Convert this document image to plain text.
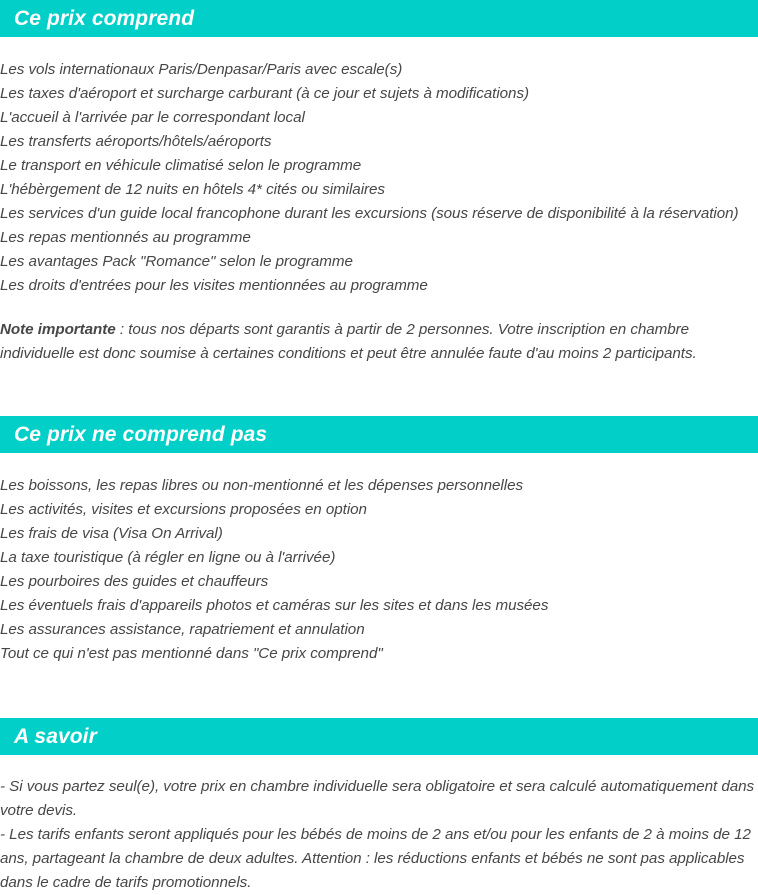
Ce prix comprend
Les vols internationaux Paris/Denpasar/Paris avec escale(s)
Les taxes d'aéroport et surcharge carburant (à ce jour et sujets à modifications)
L'accueil à l'arrivée par le correspondant local
Les transferts aéroports/hôtels/aéroports
Le transport en véhicule climatisé selon le programme
L'hébèrgement de 12 nuits en hôtels 4* cités ou similaires
Les services d'un guide local francophone durant les excursions (sous réserve de disponibilité à la réservation)
Les repas mentionnés au programme
Les avantages Pack "Romance" selon le programme
Les droits d'entrées pour les visites mentionnées au programme

Note importante : tous nos départs sont garantis à partir de 2 personnes. Votre inscription en chambre individuelle est donc soumise à certaines conditions et peut être annulée faute d'au moins 2 participants.

Ce prix ne comprend pas
Les boissons, les repas libres ou non-mentionné et les dépenses personnelles
Les activités, visites et excursions proposées en option
Les frais de visa (Visa On Arrival)
La taxe touristique (à régler en ligne ou à l'arrivée)
Les pourboires des guides et chauffeurs
Les éventuels frais d'appareils photos et caméras sur les sites et dans les musées
Les assurances assistance, rapatriement et annulation
Tout ce qui n'est pas mentionné dans "Ce prix comprend"
A savoir

- Si vous partez seul(e), votre prix en chambre individuelle sera obligatoire et sera calculé automatiquement dans votre devis.

- Les tarifs enfants seront appliqués pour les bébés de moins de 2 ans et/ou pour les enfants de 2 à moins de 12 ans, partageant la chambre de deux adultes. Attention : les réductions enfants et bébés ne sont pas applicables dans le cadre de tarifs promotionnels.
